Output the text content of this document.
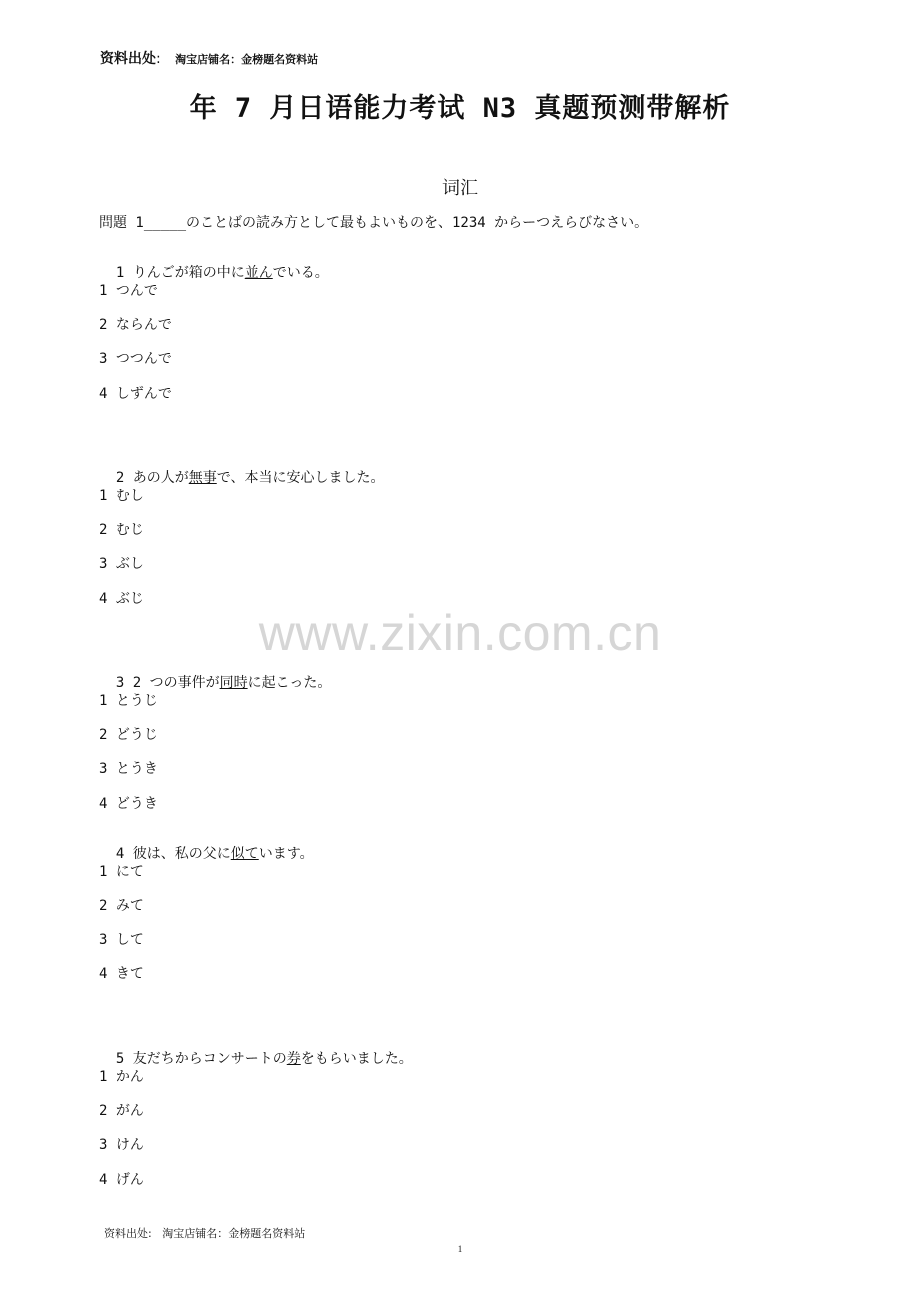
资料出处: 淘宝店铺名：金榜题名资料站
年 7 月日语能力考试 N3 真题预测带解析
词汇
問題 1_____のことばの読み方として最もよいものを、1234 からーつえらびなさい。

1 りんごが箱の中に並んでいる。

1 つんで
2 ならんで
3 つつんで
4 しずんで

2 あの人が無事で、本当に安心しました。

1 むし
2 むじ
3 ぶし
4 ぶじ
www.zixin.com.cn

3 2 つの事件が同時に起こった。

1 とうじ
2 どうじ
3 とうき
4 どうき

4 彼は、私の父に似ています。

1 にて
2 みて
3 して
4 きて

5 友だちからコンサートの券をもらいました。

1 かん
2 がん
3 けん
4 げん
资料出处:   淘宝店铺名：金榜题名资料站
1
